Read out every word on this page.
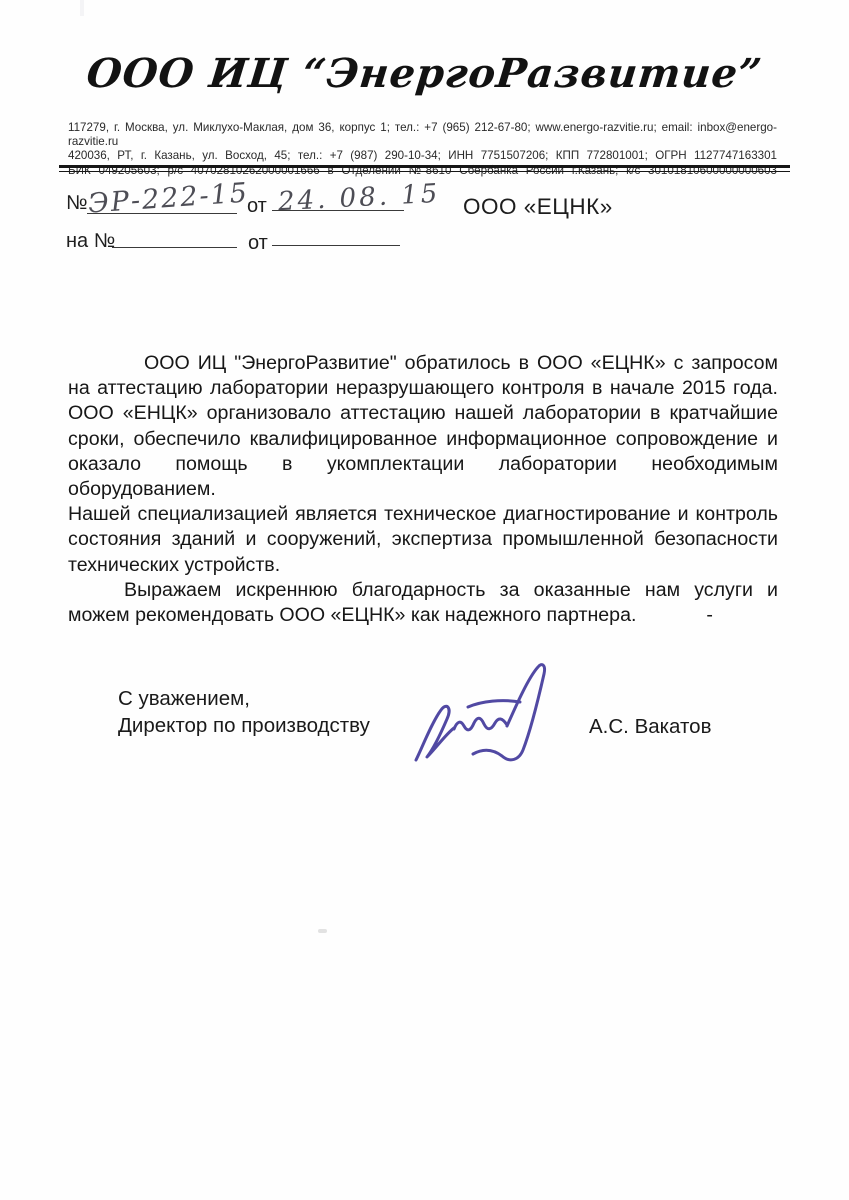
ООО ИЦ “ЭнергоРазвитие”
117279, г. Москва, ул. Миклухо-Маклая, дом 36, корпус 1; тел.: +7 (965) 212-67-80; www.energo-razvitie.ru; email: inbox@energo-razvitie.ru
420036, РТ, г. Казань, ул. Восход, 45; тел.: +7 (987) 290-10-34; ИНН 7751507206; КПП 772801001; ОГРН 1127747163301
БИК 049205603; р/с 40702810262000001666 в Отделении №8610 Сбербанка России г.Казань; к/с 30101810600000000603
№ ЭР-222-15
от 24. 08. 15 ООО «ЕЦНК»
на №	от

ООО ИЦ "ЭнергоРазвитие" обратилось в ООО «ЕЦНК» с запросом на аттестацию лаборатории неразрушающего контроля в начале 2015 года. ООО «ЕНЦК» организовало аттестацию нашей лаборатории в кратчайшие сроки, обеспечило квалифицированное информационное сопровождение и оказало помощь в укомплектации лаборатории необходимым оборудованием.

Нашей специализацией является техническое диагностирование и контроль состояния зданий и сооружений, экспертиза промышленной безопасности технических устройств.

Выражаем искреннюю благодарность за оказанные нам услуги и можем рекомендовать ООО «ЕЦНК» как надежного партнера.	-

С уважением,
Директор по производству	А.С. Вакатов
